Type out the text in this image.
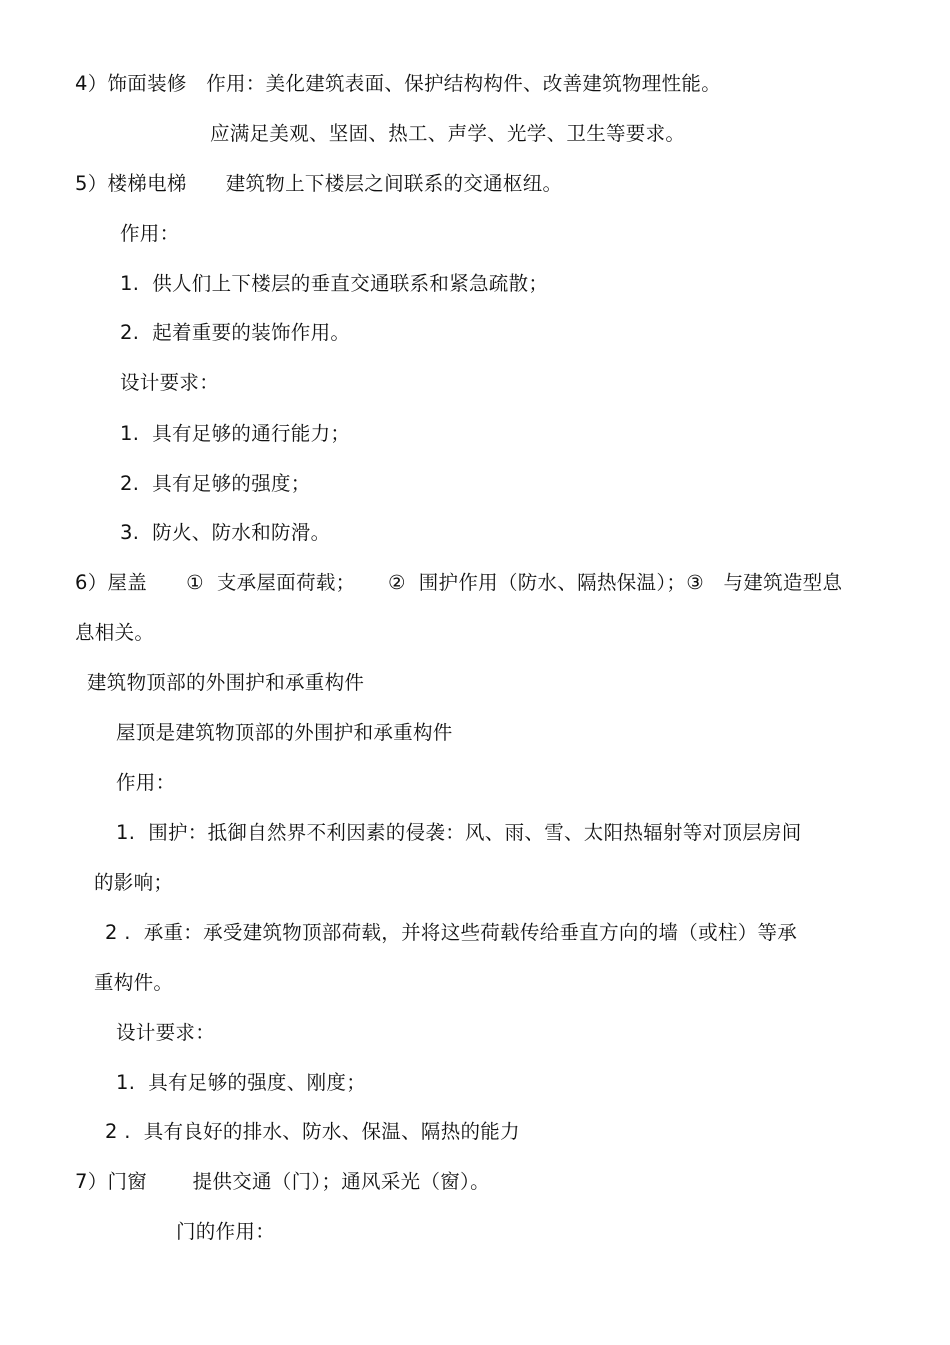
4）饰面装修   作用：美化建筑表面、保护结构构件、改善建筑物理性能。
应满足美观、坚固、热工、声学、光学、卫生等要求。
5）楼梯电梯      建筑物上下楼层之间联系的交通枢纽。
作用：
1.  供人们上下楼层的垂直交通联系和紧急疏散；
2.  起着重要的装饰作用。
设计要求：
1.  具有足够的通行能力；
2.  具有足够的强度；
3.  防火、防水和防滑。
6）屋盖      ①  支承屋面荷载；     ②  围护作用（防水、隔热保温）；③   与建筑造型息
息相关。
建筑物顶部的外围护和承重构件
屋顶是建筑物顶部的外围护和承重构件
作用：
1.  围护：抵御自然界不利因素的侵袭：风、雨、雪、太阳热辐射等对顶层房间
的影响；
2 .  承重：承受建筑物顶部荷载，并将这些荷载传给垂直方向的墙（或柱）等承
重构件。
设计要求：
1.  具有足够的强度、刚度；
2 .  具有良好的排水、防水、保温、隔热的能力
7）门窗       提供交通（门）；通风采光（窗）。
门的作用：
